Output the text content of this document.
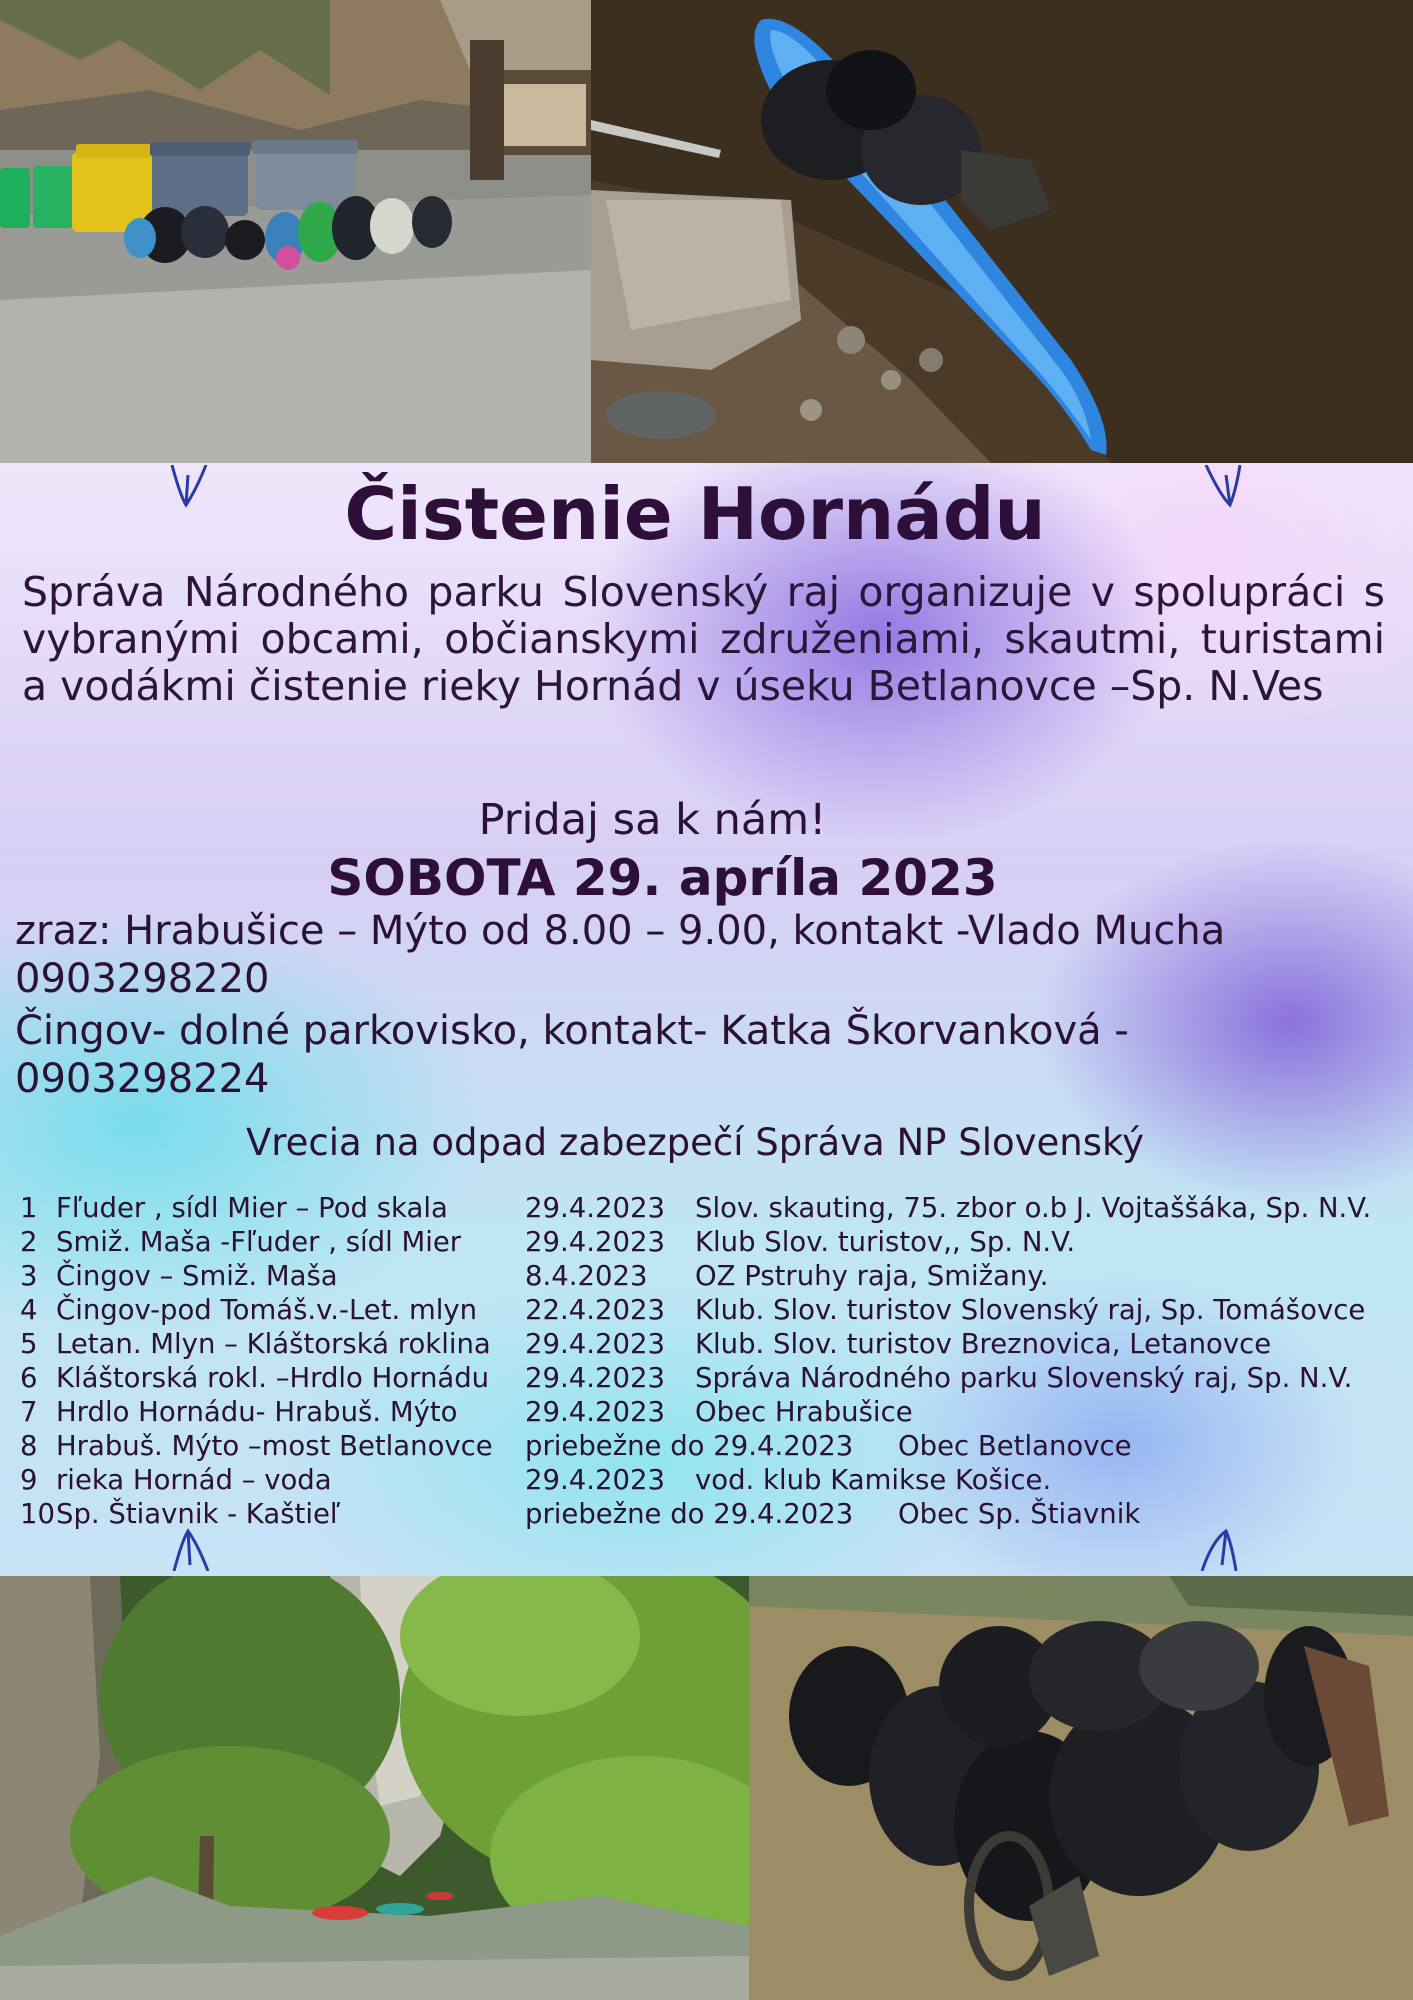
Čistenie Hornádu

Správa Národného parku Slovenský raj organizuje v spolupráci s vybranými obcami, občianskymi združeniami, skautmi, turistami a vodákmi čistenie rieky Hornád v úseku Betlanovce –Sp. N.Ves

Pridaj sa k nám!

SOBOTA 29. apríla 2023

zraz: Hrabušice – Mýto od 8.00 – 9.00, kontakt -Vlado Mucha

0903298220

Čingov- dolné parkovisko, kontakt- Katka Škorvanková -

0903298224

Vrecia na odpad zabezpečí Správa NP Slovenský

1 Fľuder , sídl Mier – Pod skala	29.4.2023 Slov. skauting, 75. zbor o.b J. Vojtaššáka, Sp. N.V.
2 Smiž. Maša -Fľuder , sídl Mier 29.4.2023 Klub Slov. turistov,, Sp. N.V.
3 Čingov – Smiž. Maša	8.4.2023 OZ Pstruhy raja, Smižany.
4 Čingov-pod Tomáš.v.-Let. mlyn 22.4.2023 Klub. Slov. turistov Slovenský raj, Sp. Tomášovce
5 Letan. Mlyn – Kláštorská roklina 29.4.2023 Klub. Slov. turistov Breznovica, Letanovce
6 Kláštorská rokl. –Hrdlo Hornádu 29.4.2023 Správa Národného parku Slovenský raj, Sp. N.V.
7 Hrdlo Hornádu- Hrabuš. Mýto 29.4.2023 Obec Hrabušice
8 Hrabuš. Mýto –most Betlanovce priebežne do 29.4.2023 Obec Betlanovce
9 rieka Hornád – voda	29.4.2023 vod. klub Kamikse Košice.
10 Sp. Štiavnik - Kaštieľ	priebežne do 29.4.2023 Obec Sp. Štiavnik
